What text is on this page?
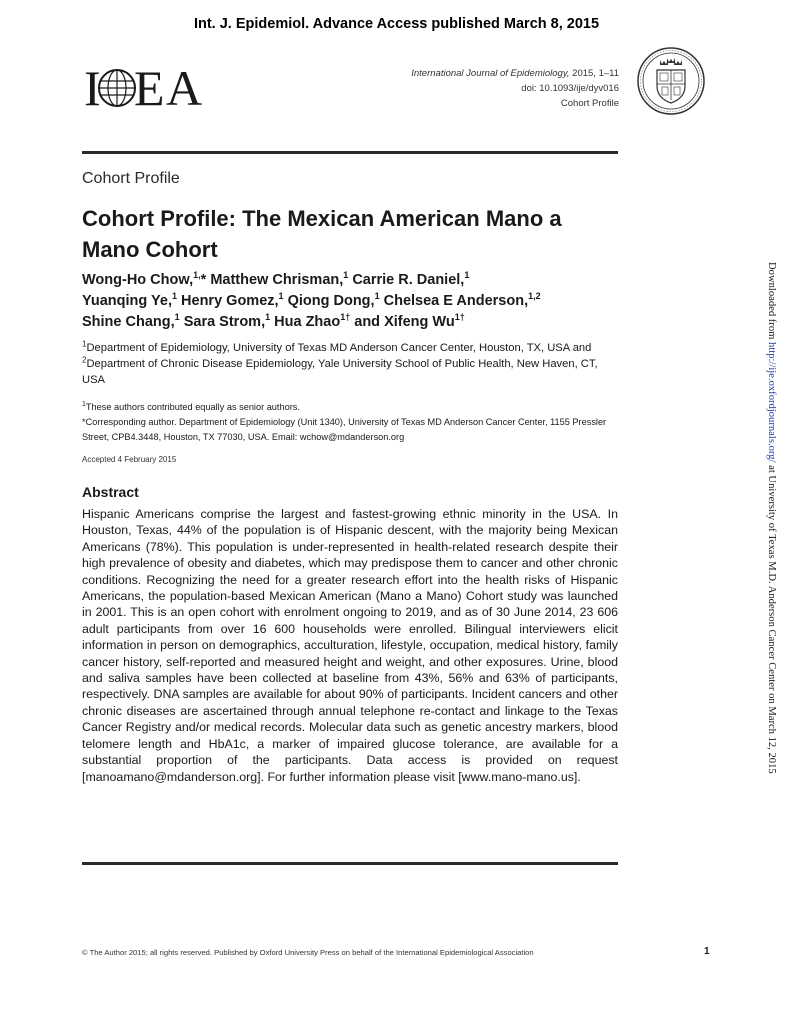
Int. J. Epidemiol. Advance Access published March 8, 2015
I E A	International Journal of Epidemiology, 2015, 1–11
doi: 10.1093/ije/dyv016
Cohort Profile
Cohort Profile
Cohort Profile: The Mexican American Mano a Mano Cohort
Wong-Ho Chow,$^{1,}$* Matthew Chrisman,$^1$ Carrie R. Daniel,$^1$
Yuanqing Ye,$^1$ Henry Gomez,$^1$ Qiong Dong,$^1$ Chelsea E Anderson,$^{1,2}$
Shine Chang,$^1$ Sara Strom,$^1$ Hua Zhao$^{1\dagger}$ and Xifeng $Wu^{1\dagger}$
$^1$Department of Epidemiology, University of Texas MD Anderson Cancer Center, Houston, TX, USA and
$^2$Department of Chronic Disease Epidemiology, Yale University School of Public Health, New Haven, CT, USA
$^1$These authors contributed equally as senior authors.
*Corresponding author. Department of Epidemiology (Unit 1340), University of Texas MD Anderson Cancer Center, 1155 Pressler Street, CPB4.3448, Houston, TX 77030, USA. Email: wchow@mdanderson.org
Accepted 4 February 2015
Abstract
Hispanic Americans comprise the largest and fastest-growing ethnic minority in the USA. In Houston, Texas, 44% of the population is of Hispanic descent, with the majority being Mexican Americans (78%). This population is under-represented in health-related research despite their high prevalence of obesity and diabetes, which may predispose them to cancer and other chronic conditions. Recognizing the need for a greater research effort into the health risks of Hispanic Americans, the population-based Mexican American (Mano a Mano) Cohort study was launched in 2001. This is an open cohort with enrolment ongoing to 2019, and as of 30 June 2014, 23 606 adult participants from over 16 600 households were enrolled. Bilingual interviewers elicit information in person on demographics, acculturation, lifestyle, occupation, medical history, family cancer history, self-reported and measured height and weight, and other exposures. Urine, blood and saliva samples have been collected at baseline from 43%, 56% and 63% of participants, respectively. DNA samples are available for about 90% of participants. Incident cancers and other chronic diseases are ascertained through annual telephone re-contact and linkage to the Texas Cancer Registry and/or medical records. Molecular data such as genetic ancestry markers, blood telomere length and HbA1c, a marker of impaired glucose tolerance, are available for a substantial proportion of the participants. Data access is provided on request [manoamano@mdanderson.org]. For further information please visit [www.mano-mano.us].
© The Author 2015; all rights reserved. Published by Oxford University Press on behalf of the International Epidemiological Association	1
Downloaded from http://ije.oxfordjournals.org/ at University of Texas M.D. Anderson Cancer Center on March 12, 2015
